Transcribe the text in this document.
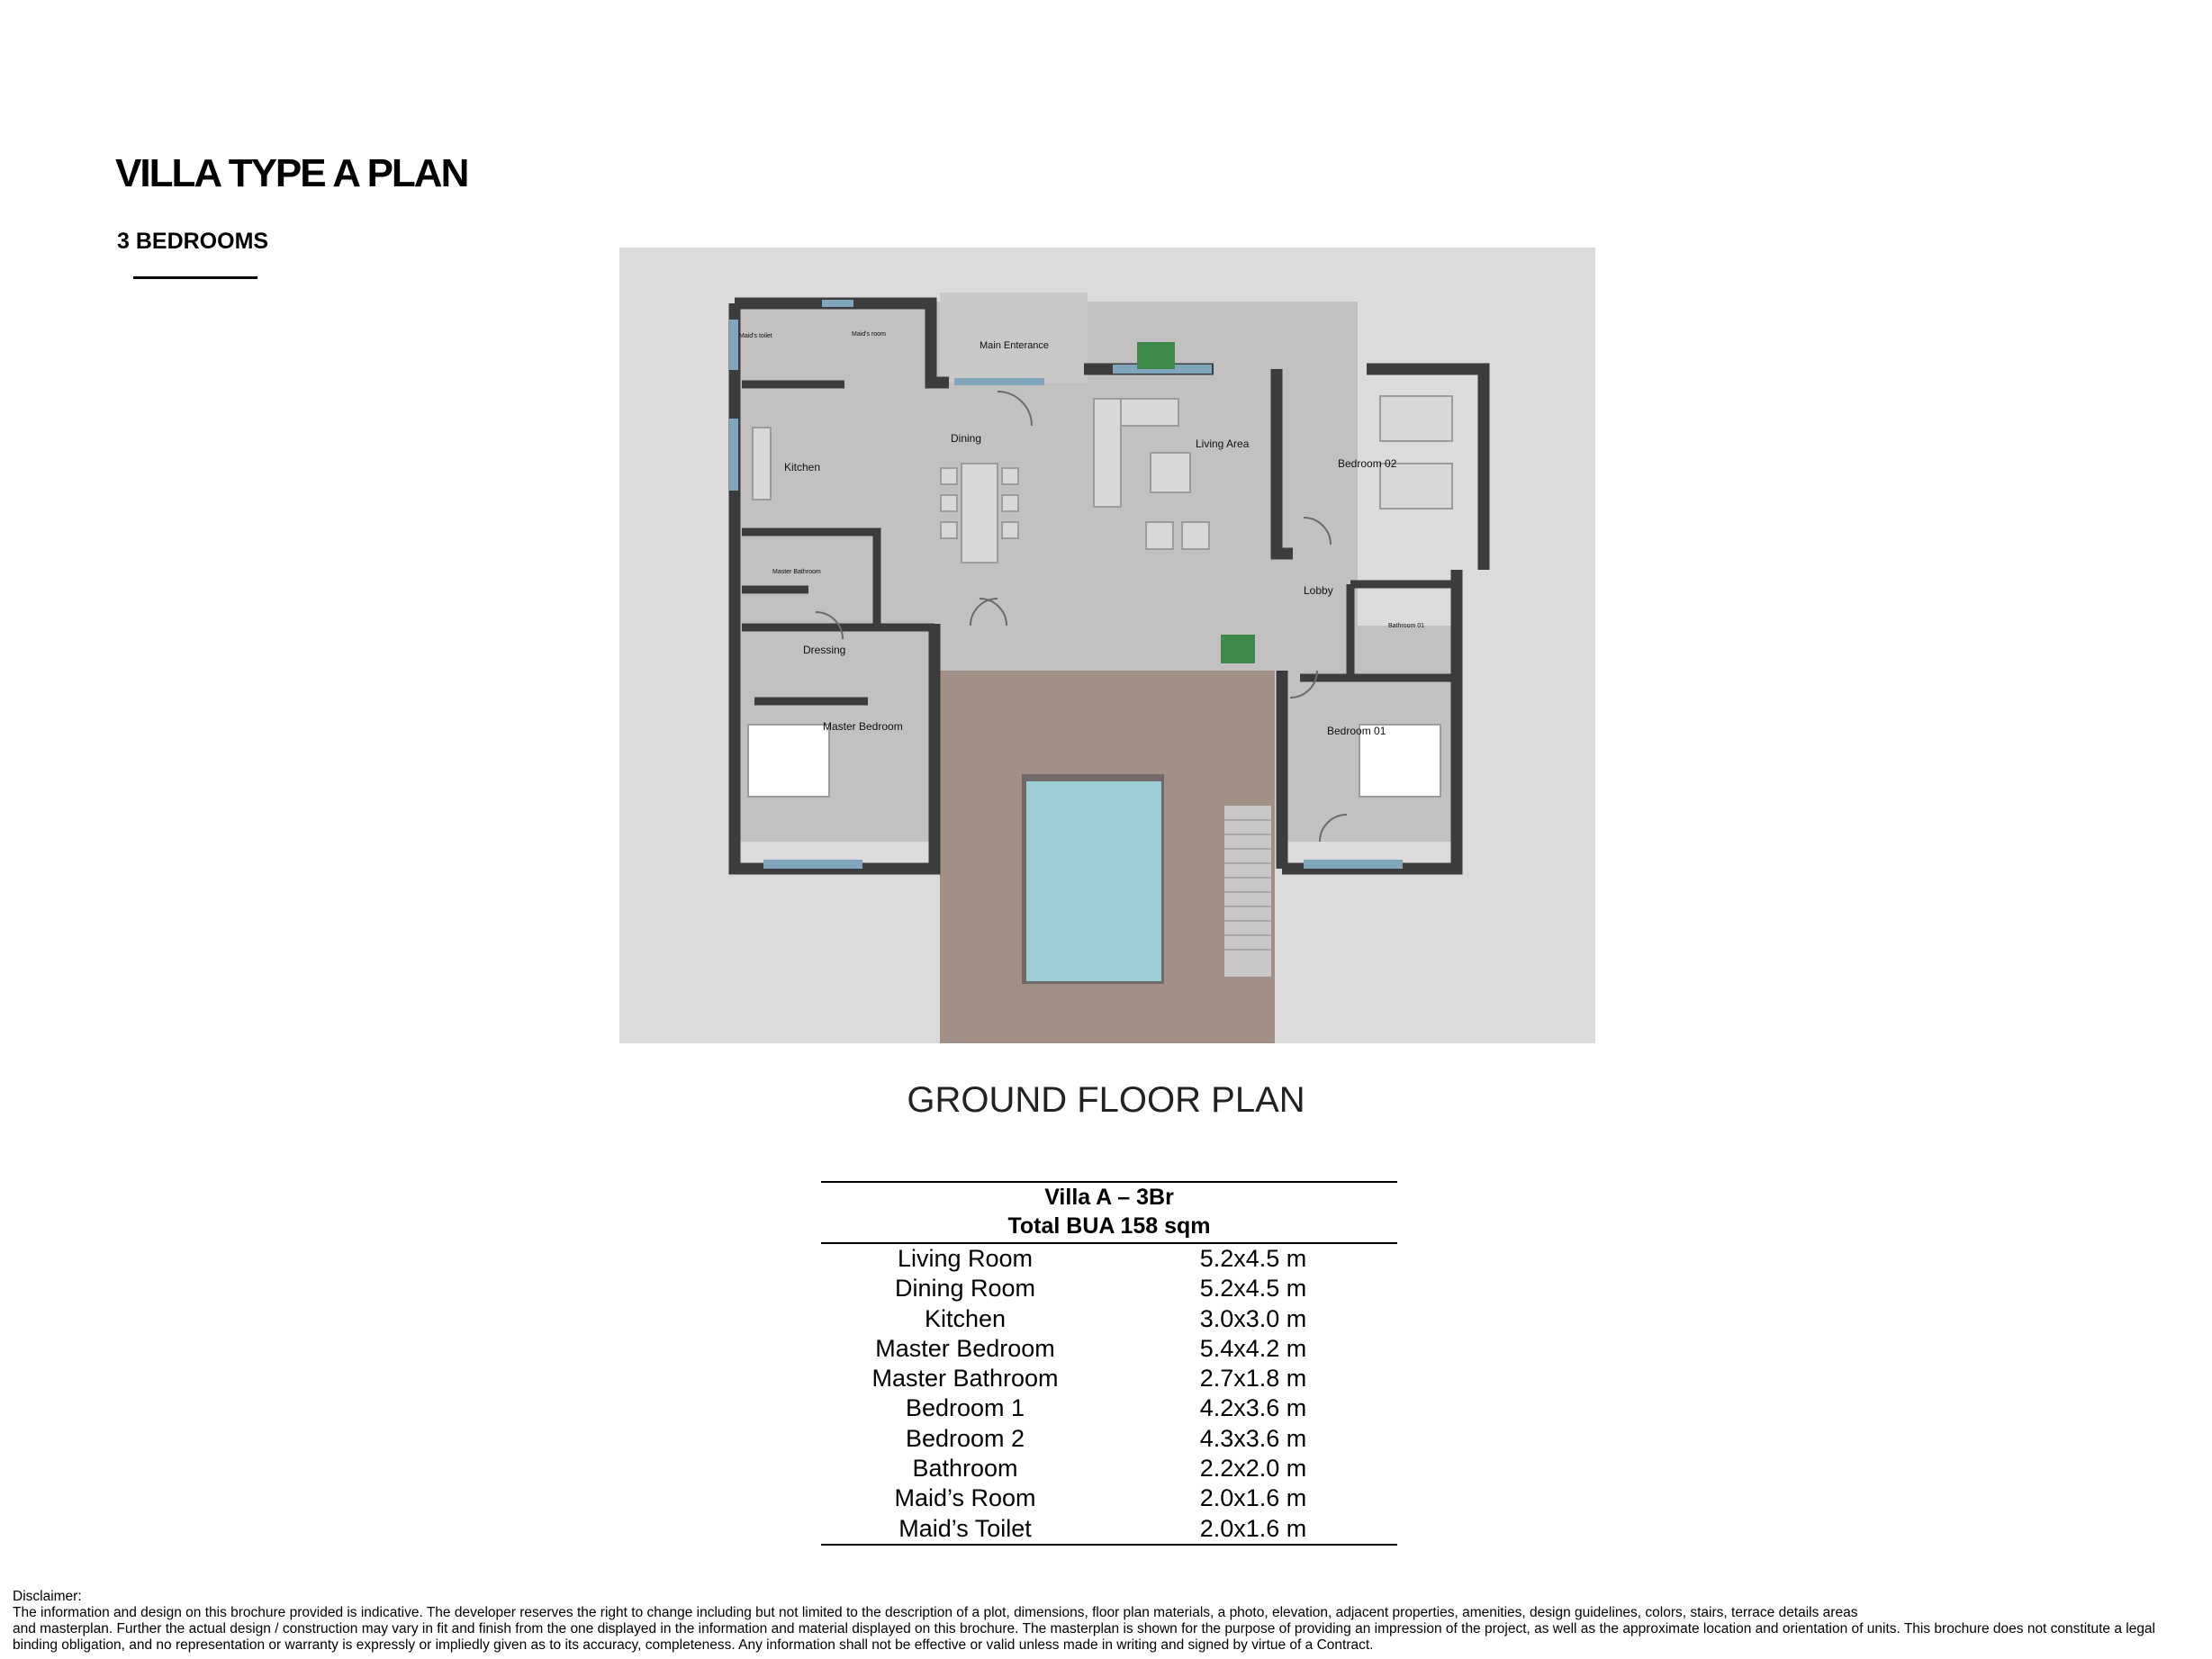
VILLA TYPE A PLAN
3 BEDROOMS
Maid's toilet	Maid's room
Main Enterance
Dining	Living Area
Kitchen	Bedroom 02
Master Bathroom
Lobby
Bathroom 01
Dressing
Master Bedroom	Bedroom 01

GROUND FLOOR PLAN

Villa A – 3Br
Total BUA 158 sqm
Living Room	5.2x4.5 m
Dining Room	5.2x4.5 m
Kitchen	3.0x3.0 m
Master Bedroom	5.4x4.2 m
Master Bathroom	2.7x1.8 m
Bedroom 1	4.2x3.6 m
Bedroom 2	4.3x3.6 m
Bathroom	2.2x2.0 m
Maid’s Room	2.0x1.6 m
Maid’s Toilet	2.0x1.6 m
Disclaimer:
The information and design on this brochure provided is indicative. The developer reserves the right to change including but not limited to the description of a plot, dimensions, floor plan materials, a photo, elevation, adjacent properties, amenities, design guidelines, colors, stairs, terrace details areas
and masterplan. Further the actual design / construction may vary in fit and finish from the one displayed in the information and material displayed on this brochure. The masterplan is shown for the purpose of providing an impression of the project, as well as the approximate location and orientation of units. This brochure does not constitute a legal
binding obligation, and no representation or warranty is expressly or impliedly given as to its accuracy, completeness. Any information shall not be effective or valid unless made in writing and signed by virtue of a Contract.
